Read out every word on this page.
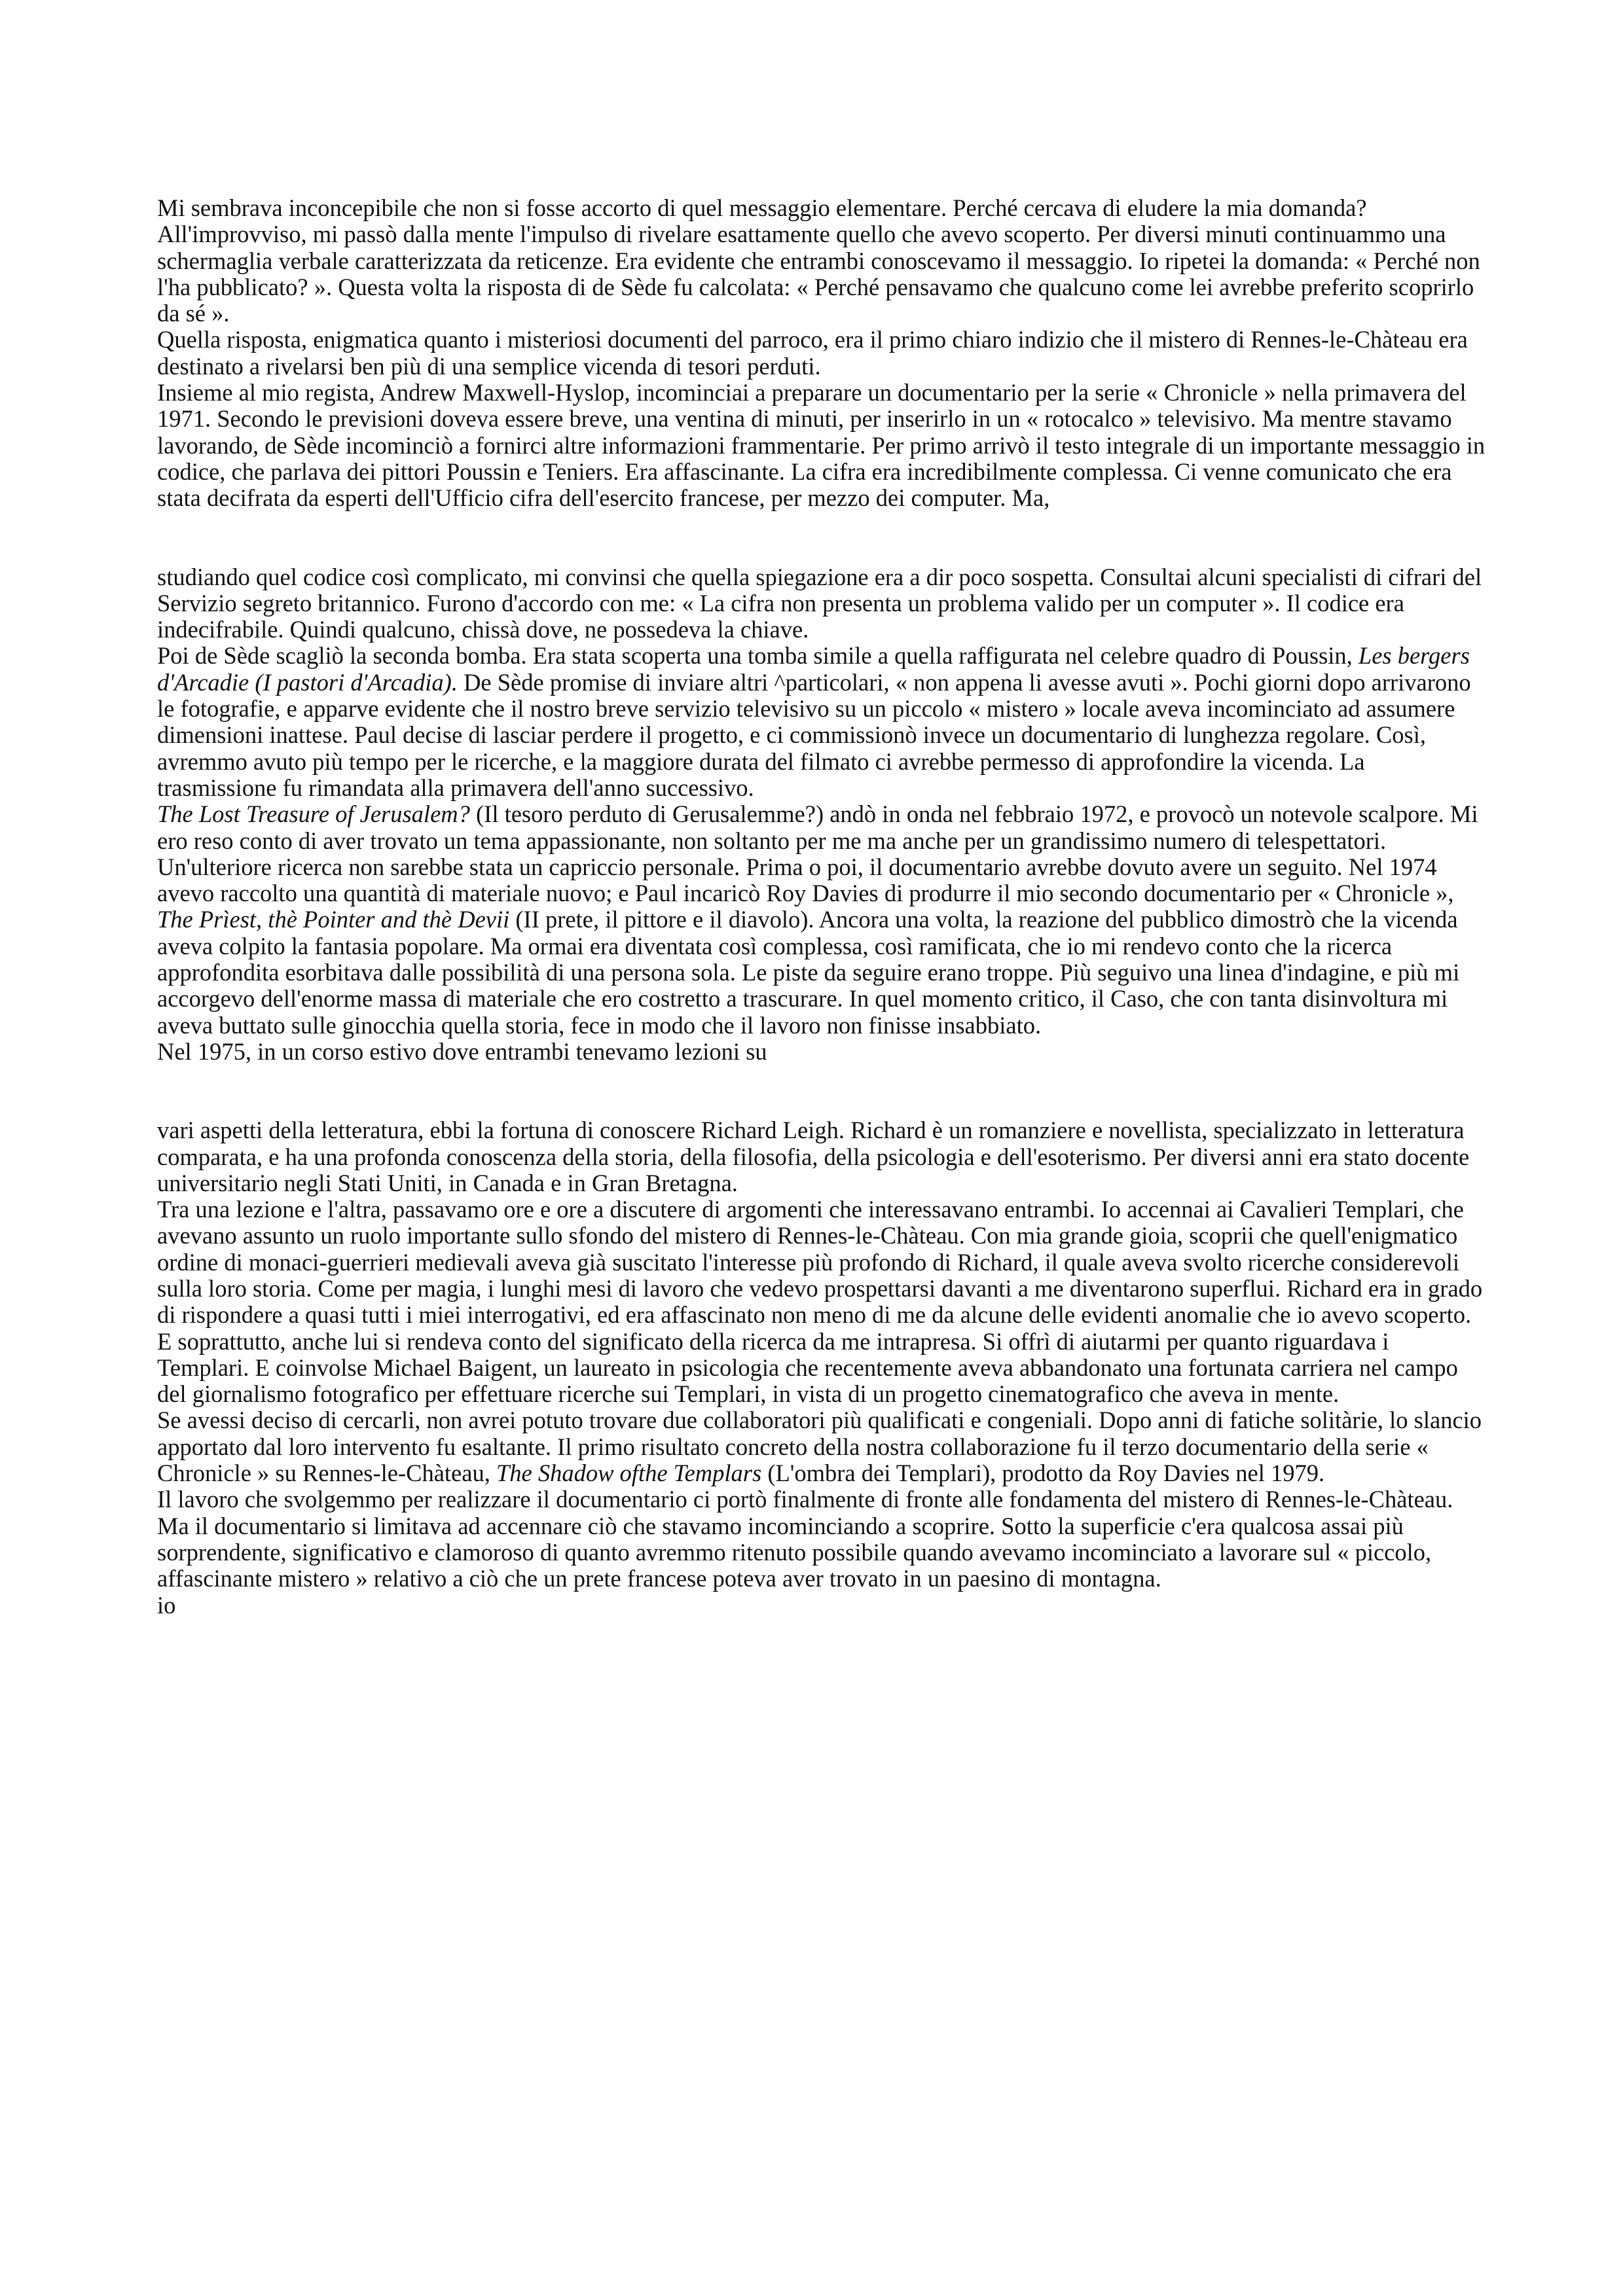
Mi sembrava inconcepibile che non si fosse accorto di quel messaggio elementare. Perché cercava di eludere la mia domanda? All'improvviso, mi passò dalla mente l'impulso di rivelare esattamente quello che avevo scoperto. Per diversi minuti continuammo una schermaglia verbale caratterizzata da reticenze. Era evidente che entrambi conoscevamo il messaggio. Io ripetei la domanda: « Perché non l'ha pubblicato? ». Questa volta la risposta di de Sède fu calcolata: « Perché pensavamo che qualcuno come lei avrebbe preferito scoprirlo da sé ».

Quella risposta, enigmatica quanto i misteriosi documenti del parroco, era il primo chiaro indizio che il mistero di Rennes-le-Chàteau era destinato a rivelarsi ben più di una semplice vicenda di tesori perduti.

Insieme al mio regista, Andrew Maxwell-Hyslop, incominciai a preparare un documentario per la serie « Chronicle » nella primavera del 1971. Secondo le previsioni doveva essere breve, una ventina di minuti, per inserirlo in un « rotocalco » televisivo. Ma mentre stavamo lavorando, de Sède incominciò a fornirci altre informazioni frammentarie. Per primo arrivò il testo integrale di un importante messaggio in codice, che parlava dei pittori Poussin e Teniers. Era affascinante. La cifra era incredibilmente complessa. Ci venne comunicato che era stata decifrata da esperti dell'Ufficio cifra dell'esercito francese, per mezzo dei computer. Ma,

studiando quel codice così complicato, mi convinsi che quella spiegazione era a dir poco sospetta. Consultai alcuni specialisti di cifrari del Servizio segreto britannico. Furono d'accordo con me: « La cifra non presenta un problema valido per un computer ». Il codice era indecifrabile. Quindi qualcuno, chissà dove, ne possedeva la chiave.

Poi de Sède scagliò la seconda bomba. Era stata scoperta una tomba simile a quella raffigurata nel celebre quadro di Poussin, Les bergers d'Arcadie (I pastori d'Arcadia). De Sède promise di inviare altri ^particolari, « non appena li avesse avuti ». Pochi giorni dopo arrivarono le fotografie, e apparve evidente che il nostro breve servizio televisivo su un piccolo « mistero » locale aveva incominciato ad assumere dimensioni inattese. Paul decise di lasciar perdere il progetto, e ci commissionò invece un documentario di lunghezza regolare. Così, avremmo avuto più tempo per le ricerche, e la maggiore durata del filmato ci avrebbe permesso di approfondire la vicenda. La trasmissione fu rimandata alla primavera dell'anno successivo.

The Lost Treasure of Jerusalem? (Il tesoro perduto di Gerusalemme?) andò in onda nel febbraio 1972, e provocò un notevole scalpore. Mi ero reso conto di aver trovato un tema appassionante, non soltanto per me ma anche per un grandissimo numero di telespettatori. Un'ulteriore ricerca non sarebbe stata un capriccio personale. Prima o poi, il documentario avrebbe dovuto avere un seguito. Nel 1974 avevo raccolto una quantità di materiale nuovo; e Paul incaricò Roy Davies di produrre il mio secondo documentario per « Chronicle », The Prìest, thè Pointer and thè Devii (II prete, il pittore e il diavolo). Ancora una volta, la reazione del pubblico dimostrò che la vicenda aveva colpito la fantasia popolare. Ma ormai era diventata così complessa, così ramificata, che io mi rendevo conto che la ricerca approfondita esorbitava dalle possibilità di una persona sola. Le piste da seguire erano troppe. Più seguivo una linea d'indagine, e più mi accorgevo dell'enorme massa di materiale che ero costretto a trascurare. In quel momento critico, il Caso, che con tanta disinvoltura mi aveva buttato sulle ginocchia quella storia, fece in modo che il lavoro non finisse insabbiato.

Nel 1975, in un corso estivo dove entrambi tenevamo lezioni su

vari aspetti della letteratura, ebbi la fortuna di conoscere Richard Leigh. Richard è un romanziere e novellista, specializzato in letteratura comparata, e ha una profonda conoscenza della storia, della filosofia, della psicologia e dell'esoterismo. Per diversi anni era stato docente universitario negli Stati Uniti, in Canada e in Gran Bretagna.

Tra una lezione e l'altra, passavamo ore e ore a discutere di argomenti che interessavano entrambi. Io accennai ai Cavalieri Templari, che avevano assunto un ruolo importante sullo sfondo del mistero di Rennes-le-Chàteau. Con mia grande gioia, scoprii che quell'enigmatico ordine di monaci-guerrieri medievali aveva già suscitato l'interesse più profondo di Richard, il quale aveva svolto ricerche considerevoli sulla loro storia. Come per magia, i lunghi mesi di lavoro che vedevo prospettarsi davanti a me diventarono superflui. Richard era in grado di rispondere a quasi tutti i miei interrogativi, ed era affascinato non meno di me da alcune delle evidenti anomalie che io avevo scoperto. E soprattutto, anche lui si rendeva conto del significato della ricerca da me intrapresa. Si offrì di aiutarmi per quanto riguardava i Templari. E coinvolse Michael Baigent, un laureato in psicologia che recentemente aveva abbandonato una fortunata carriera nel campo del giornalismo fotografico per effettuare ricerche sui Templari, in vista di un progetto cinematografico che aveva in mente.

Se avessi deciso di cercarli, non avrei potuto trovare due collaboratori più qualificati e congeniali. Dopo anni di fatiche solitàrie, lo slancio apportato dal loro intervento fu esaltante. Il primo risultato concreto della nostra collaborazione fu il terzo documentario della serie « Chronicle » su Rennes-le-Chàteau, The Shadow ofthe Templars (L'ombra dei Templari), prodotto da Roy Davies nel 1979.

Il lavoro che svolgemmo per realizzare il documentario ci portò finalmente di fronte alle fondamenta del mistero di Rennes-le-Chàteau. Ma il documentario si limitava ad accennare ciò che stavamo incominciando a scoprire. Sotto la superficie c'era qualcosa assai più sorprendente, significativo e clamoroso di quanto avremmo ritenuto possibile quando avevamo incominciato a lavorare sul « piccolo, affascinante mistero » relativo a ciò che un prete francese poteva aver trovato in un paesino di montagna.

io
